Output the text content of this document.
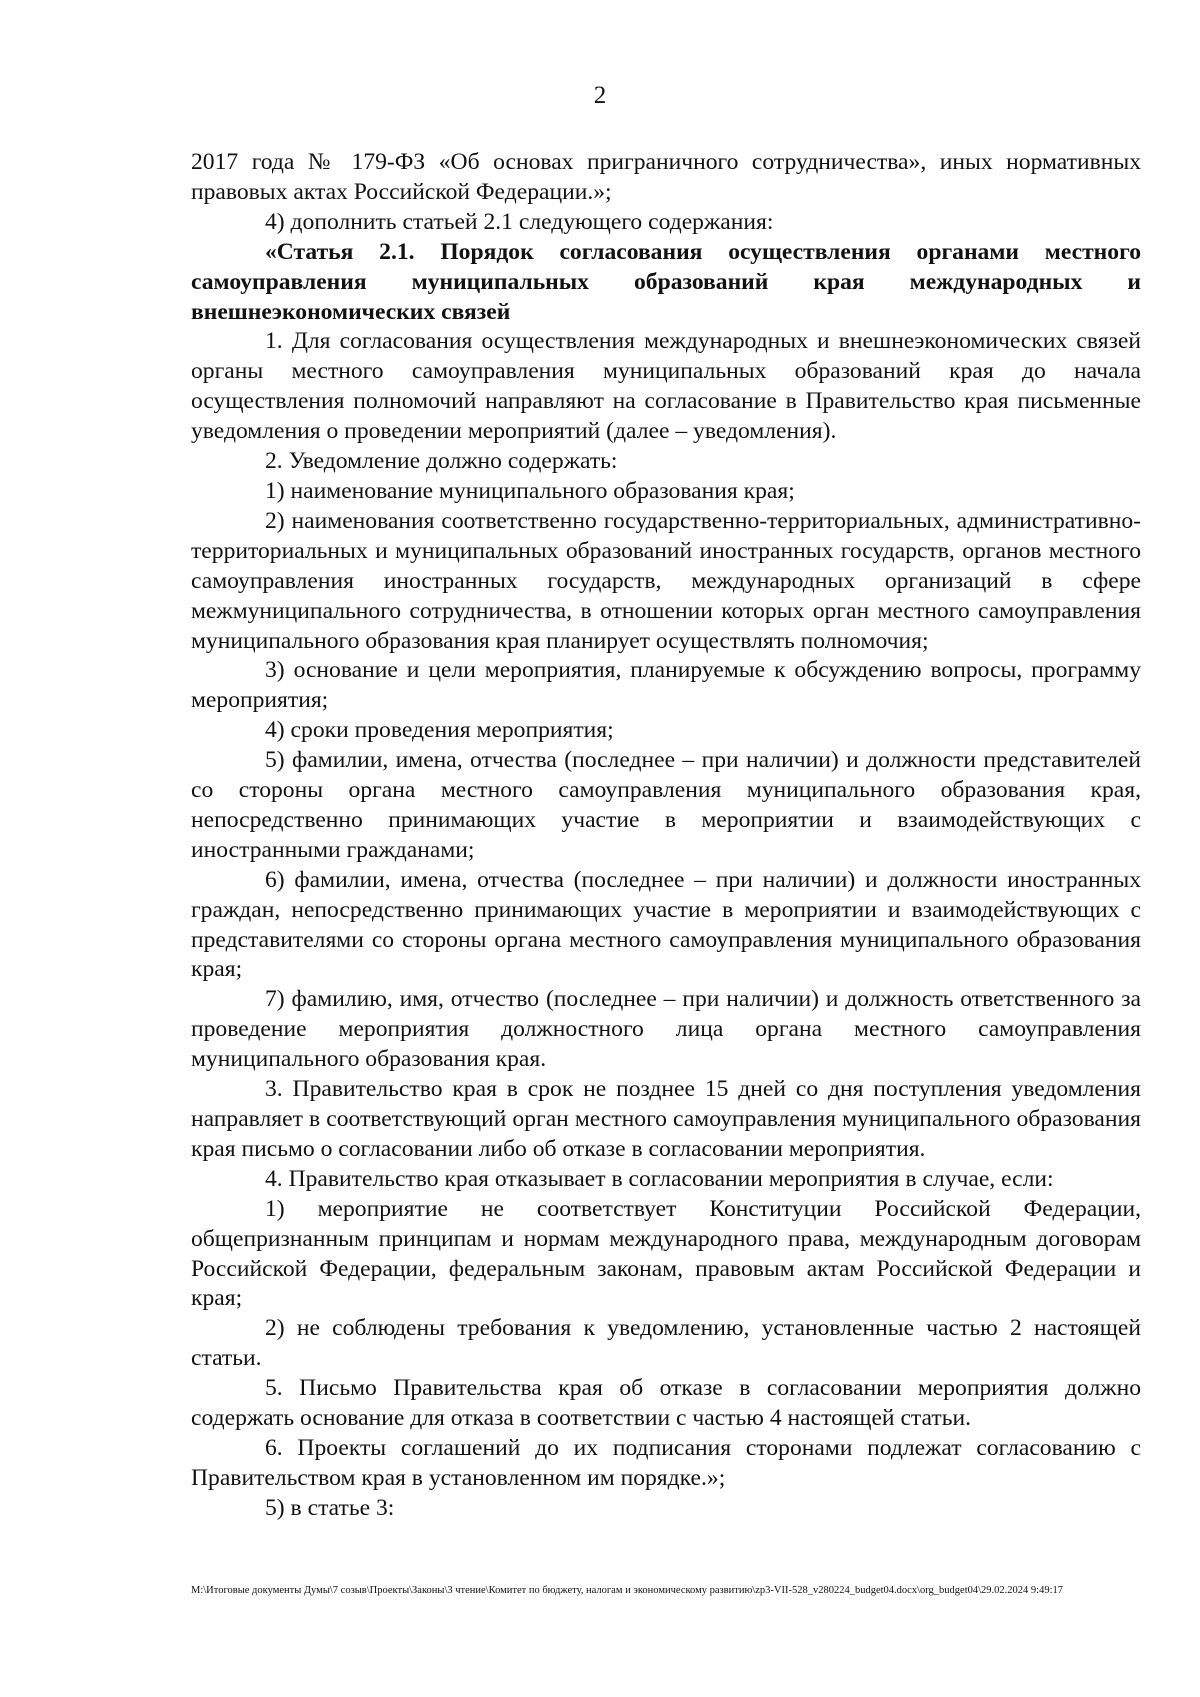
2

2017 года № 179-ФЗ «Об основах приграничного сотрудничества», иных нормативных правовых актах Российской Федерации.»;

4) дополнить статьей 2.1 следующего содержания:

«Статья 2.1. Порядок согласования осуществления органами местного самоуправления муниципальных образований края международных и внешнеэкономических связей

1. Для согласования осуществления международных и внешнеэкономических связей органы местного самоуправления муниципальных образований края до начала осуществления полномочий направляют на согласование в Правительство края письменные уведомления о проведении мероприятий (далее – уведомления).

2. Уведомление должно содержать:

1) наименование муниципального образования края;

2) наименования соответственно государственно-территориальных, административно-территориальных и муниципальных образований иностранных государств, органов местного самоуправления иностранных государств, международных организаций в сфере межмуниципального сотрудничества, в отношении которых орган местного самоуправления муниципального образования края планирует осуществлять полномочия;

3) основание и цели мероприятия, планируемые к обсуждению вопросы, программу мероприятия;

4) сроки проведения мероприятия;

5) фамилии, имена, отчества (последнее – при наличии) и должности представителей со стороны органа местного самоуправления муниципального образования края, непосредственно принимающих участие в мероприятии и взаимодействующих с иностранными гражданами;

6) фамилии, имена, отчества (последнее – при наличии) и должности иностранных граждан, непосредственно принимающих участие в мероприятии и взаимодействующих с представителями со стороны органа местного самоуправления муниципального образования края;

7) фамилию, имя, отчество (последнее – при наличии) и должность ответственного за проведение мероприятия должностного лица органа местного самоуправления муниципального образования края.

3. Правительство края в срок не позднее 15 дней со дня поступления уведомления направляет в соответствующий орган местного самоуправления муниципального образования края письмо о согласовании либо об отказе в согласовании мероприятия.

4. Правительство края отказывает в согласовании мероприятия в случае, если:

1) мероприятие не соответствует Конституции Российской Федерации, общепризнанным принципам и нормам международного права, международным договорам Российской Федерации, федеральным законам, правовым актам Российской Федерации и края;

2) не соблюдены требования к уведомлению, установленные частью 2 настоящей статьи.

5. Письмо Правительства края об отказе в согласовании мероприятия должно содержать основание для отказа в соответствии с частью 4 настоящей статьи.

6. Проекты соглашений до их подписания сторонами подлежат согласованию с Правительством края в установленном им порядке.»;

5) в статье 3:

M:\Итоговые документы Думы\7 созыв\Проекты\Законы\3 чтение\Комитет по бюджету, налогам и экономическому развитию\zp3-VII-528_v280224_budget04.docx\org_budget04\29.02.2024 9:49:17
